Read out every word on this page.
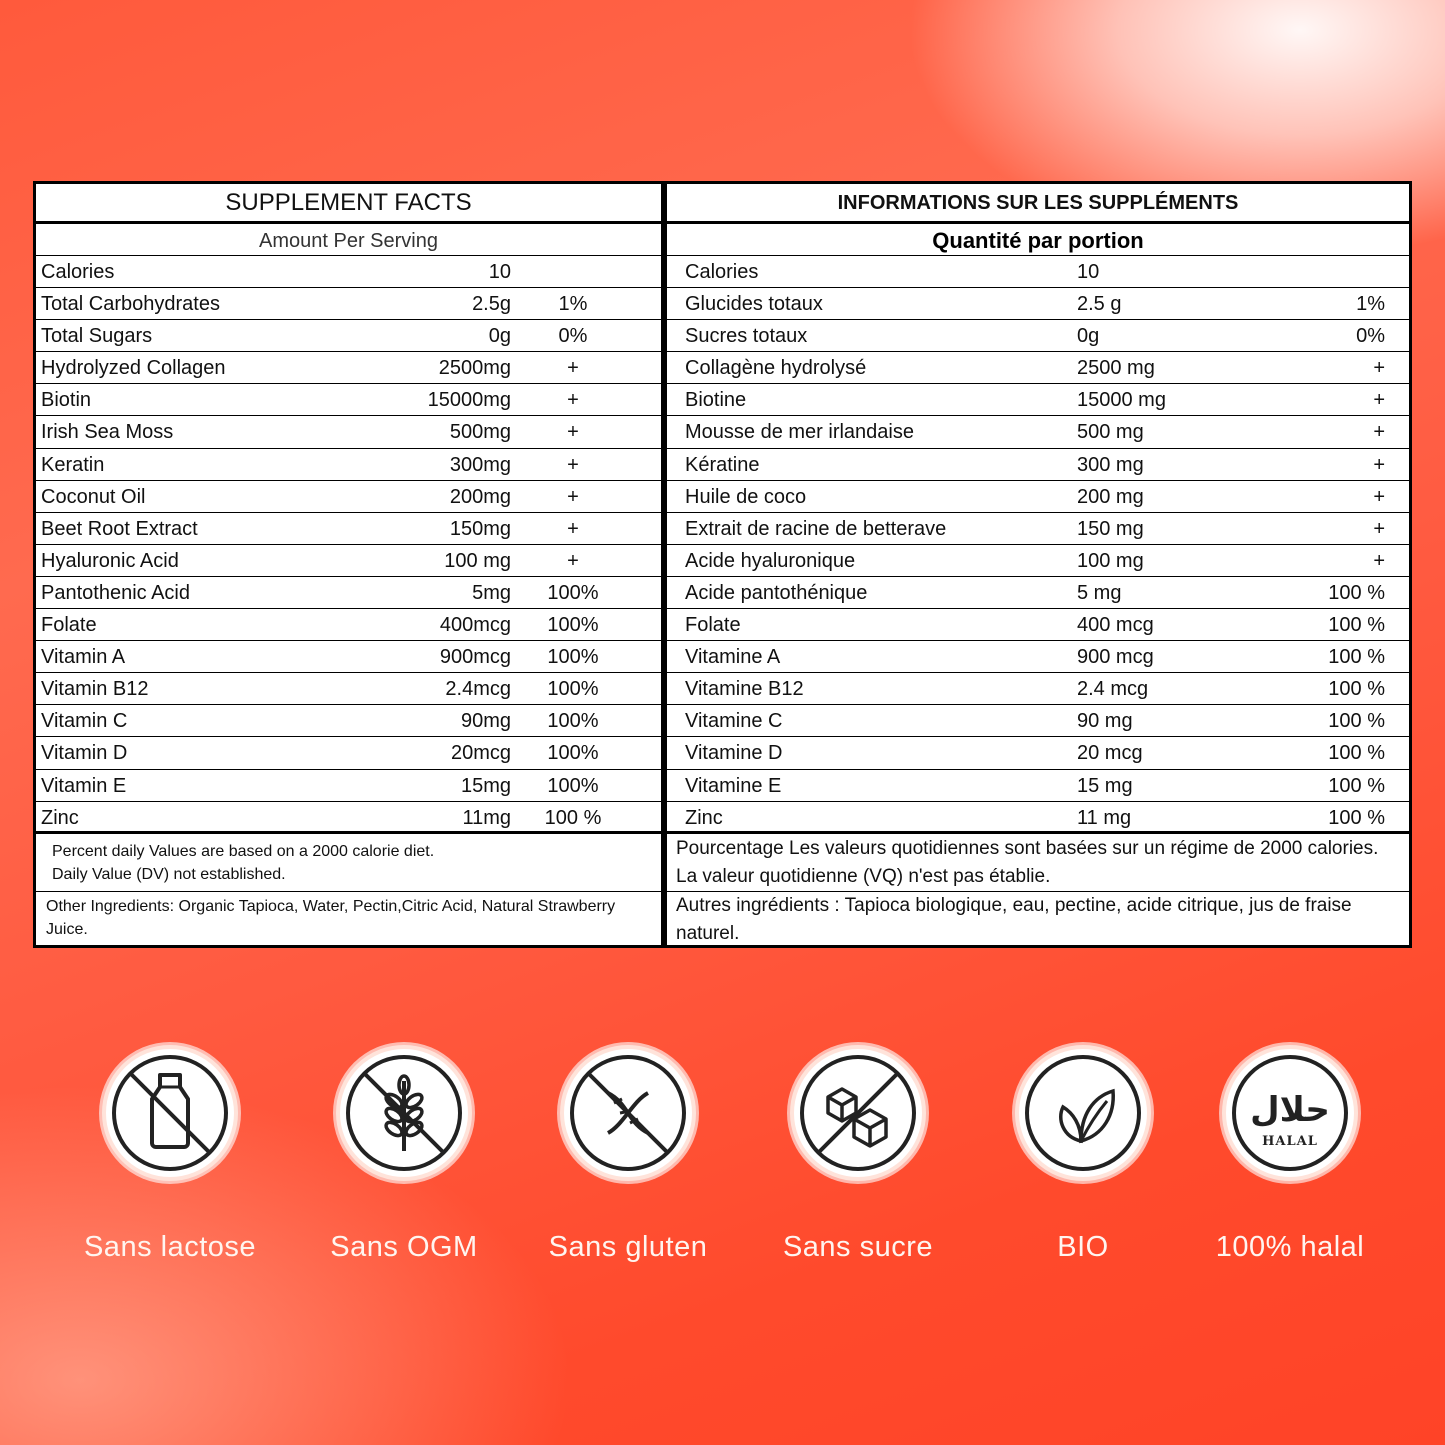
SUPPLEMENT FACTS
Amount Per Serving
Calories	10
Total Carbohydrates	2.5g	1%
Total Sugars	0g	0%
Hydrolyzed Collagen	2500mg	+
Biotin	15000mg	+
Irish Sea Moss	500mg	+
Keratin	300mg	+
Coconut Oil	200mg	+
Beet Root Extract	150mg	+
Hyaluronic Acid	100 mg	+
Pantothenic Acid	5mg 100%
Folate	400mcg 100%
Vitamin A	900mcg 100%
Vitamin B12	2.4mcg 100%
Vitamin C	90mg 100%
Vitamin D	20mcg 100%
Vitamin E	15mg 100%
Zinc	11mg 100 %
Percent daily Values are based on a 2000 calorie diet.
Daily Value (DV) not established.
Other Ingredients: Organic Tapioca, Water, Pectin,Citric Acid, Natural Strawberry Juice.
INFORMATIONS SUR LES SUPPLÉMENTS
Quantité par portion
Calories	10
Glucides totaux	2.5 g	1%
Sucres totaux	0g	0%
Collagène hydrolysé	2500 mg	+
Biotine	15000 mg	+
Mousse de mer irlandaise	500 mg	+
Kératine	300 mg	+
Huile de coco	200 mg	+
Extrait de racine de betterave	150 mg	+
Acide hyaluronique	100 mg	+
Acide pantothénique	5 mg	100 %
Folate	400 mcg	100 %
Vitamine A	900 mcg	100 %
Vitamine B12	2.4 mcg	100 %
Vitamine C	90 mg	100 %
Vitamine D	20 mcg	100 %
Vitamine E	15 mg	100 %
Zinc	11 mg	100 %
Pourcentage Les valeurs quotidiennes sont basées sur un régime de 2000 calories.
La valeur quotidienne (VQ) n'est pas établie.
Autres ingrédients : Tapioca biologique, eau, pectine, acide citrique, jus de fraise naturel.
Sans lactose	Sans OGM	Sans gluten	Sans sucre	BIO
حلال
HALAL
100% halal
